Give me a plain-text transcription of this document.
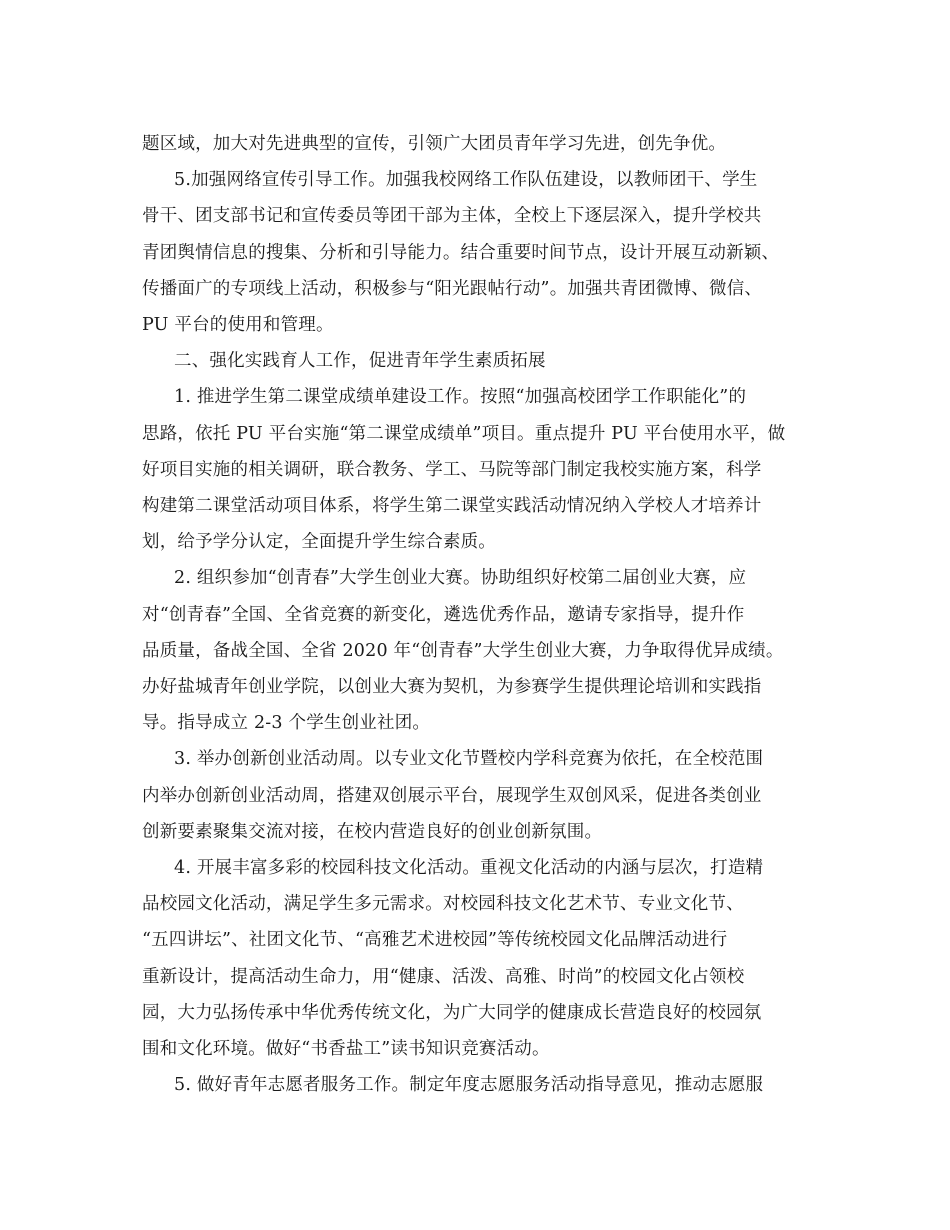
题区域，加大对先进典型的宣传，引领广大团员青年学习先进，创先争优。
5.加强网络宣传引导工作。加强我校网络工作队伍建设，以教师团干、学生
骨干、团支部书记和宣传委员等团干部为主体，全校上下逐层深入，提升学校共
青团舆情信息的搜集、分析和引导能力。结合重要时间节点，设计开展互动新颖、
传播面广的专项线上活动，积极参与“阳光跟帖行动”。加强共青团微博、微信、
PU 平台的使用和管理。
二、强化实践育人工作，促进青年学生素质拓展
1. 推进学生第二课堂成绩单建设工作。按照“加强高校团学工作职能化”的
思路，依托 PU 平台实施“第二课堂成绩单”项目。重点提升 PU 平台使用水平，做
好项目实施的相关调研，联合教务、学工、马院等部门制定我校实施方案，科学
构建第二课堂活动项目体系，将学生第二课堂实践活动情况纳入学校人才培养计
划，给予学分认定，全面提升学生综合素质。
2. 组织参加“创青春”大学生创业大赛。协助组织好校第二届创业大赛，应
对“创青春”全国、全省竞赛的新变化，遴选优秀作品，邀请专家指导，提升作
品质量，备战全国、全省 2020 年“创青春”大学生创业大赛，力争取得优异成绩。
办好盐城青年创业学院，以创业大赛为契机，为参赛学生提供理论培训和实践指
导。指导成立 2-3 个学生创业社团。
3. 举办创新创业活动周。以专业文化节暨校内学科竞赛为依托，在全校范围
内举办创新创业活动周，搭建双创展示平台，展现学生双创风采，促进各类创业
创新要素聚集交流对接，在校内营造良好的创业创新氛围。
4. 开展丰富多彩的校园科技文化活动。重视文化活动的内涵与层次，打造精
品校园文化活动，满足学生多元需求。对校园科技文化艺术节、专业文化节、
“五四讲坛”、社团文化节、“高雅艺术进校园”等传统校园文化品牌活动进行
重新设计，提高活动生命力，用“健康、活泼、高雅、时尚”的校园文化占领校
园，大力弘扬传承中华优秀传统文化，为广大同学的健康成长营造良好的校园氛
围和文化环境。做好“书香盐工”读书知识竞赛活动。
5. 做好青年志愿者服务工作。制定年度志愿服务活动指导意见，推动志愿服
